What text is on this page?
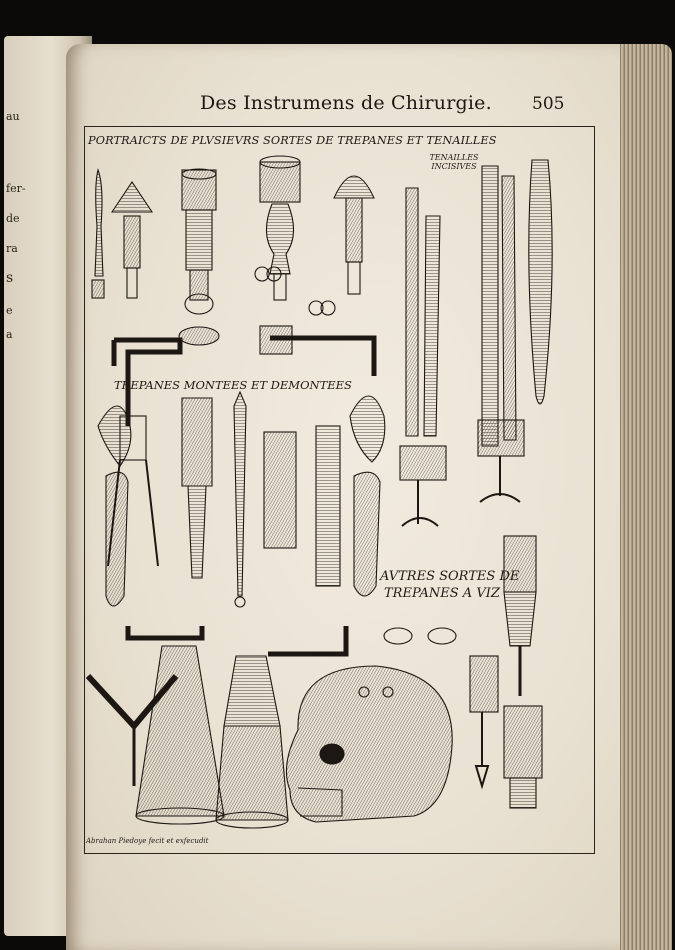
au
fer-
de
ra
s
e
a
Des Instrumens de Chirurgie. 505
PORTRAICTS DE PLVSIEVRS SORTES DE TREPANES ET TENAILLES
TENAILLES INCISIVES
TREPANES MONTEES ET DEMONTEES
AVTRES SORTES DE
TREPANES A VIZ
Abrahan Piedoye fecit et exfecudit
